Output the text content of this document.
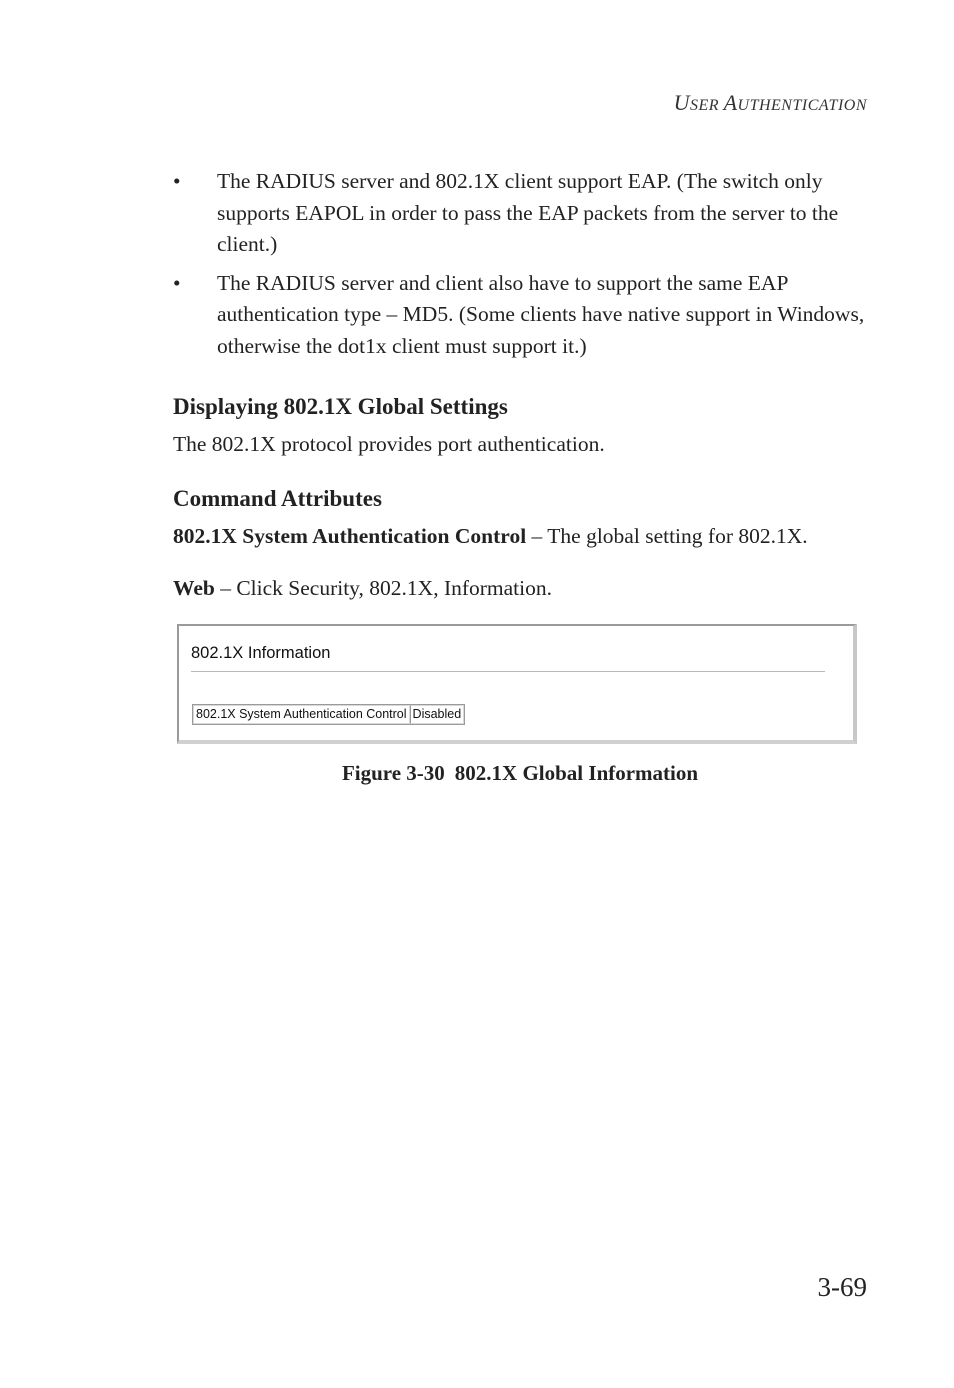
USER AUTHENTICATION
• The RADIUS server and 802.1X client support EAP. (The switch only supports EAPOL in order to pass the EAP packets from the server to the client.)
• The RADIUS server and client also have to support the same EAP authentication type – MD5. (Some clients have native support in Windows, otherwise the dot1x client must support it.)
Displaying 802.1X Global Settings

The 802.1X protocol provides port authentication.

Command Attributes

802.1X System Authentication Control – The global setting for 802.1X.

Web – Click Security, 802.1X, Information.

802.1X Information
802.1X System Authentication Control Disabled

Figure 3-30 802.1X Global Information

3-69
